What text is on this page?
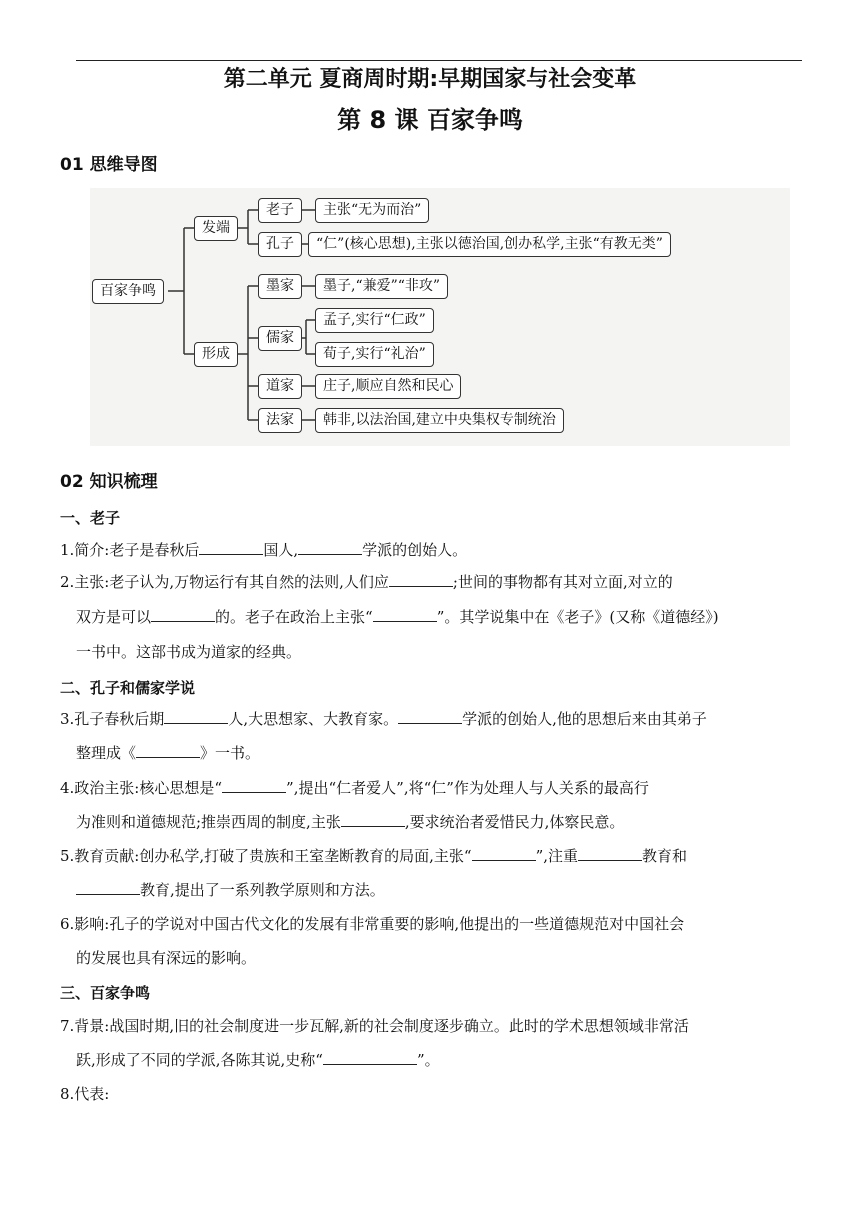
第二单元 夏商周时期:早期国家与社会变革
第 8 课 百家争鸣
01 思维导图
百家争鸣
发端
形成
老子	主张“无为而治”
孔子	“仁”(核心思想),主张以德治国,创办私学,主张“有教无类”
墨家	墨子,“兼爱”“非攻”
儒家
孟子,实行“仁政”
荀子,实行“礼治”
道家	庄子,顺应自然和民心
法家	韩非,以法治国,建立中央集权专制统治
02 知识梳理
一、老子
1.简介:老子是春秋后	国人,	学派的创始人。
2.主张:老子认为,万物运行有其自然的法则,人们应	;世间的事物都有其对立面,对立的
双方是可以	的。老子在政治上主张“	”。其学说集中在《老子》(又称《道德经》)
一书中。这部书成为道家的经典。
二、孔子和儒家学说
3.孔子春秋后期	人,大思想家、大教育家。	学派的创始人,他的思想后来由其弟子
整理成《	》一书。
4.政治主张:核心思想是“	”,提出“仁者爱人”,将“仁”作为处理人与人关系的最高行
为准则和道德规范;推崇西周的制度,主张	,要求统治者爱惜民力,体察民意。
5.教育贡献:创办私学,打破了贵族和王室垄断教育的局面,主张“	”,注重	教育和
教育,提出了一系列教学原则和方法。
6.影响:孔子的学说对中国古代文化的发展有非常重要的影响,他提出的一些道德规范对中国社会
的发展也具有深远的影响。
三、百家争鸣
7.背景:战国时期,旧的社会制度进一步瓦解,新的社会制度逐步确立。此时的学术思想领域非常活
跃,形成了不同的学派,各陈其说,史称“	”。
8.代表:
